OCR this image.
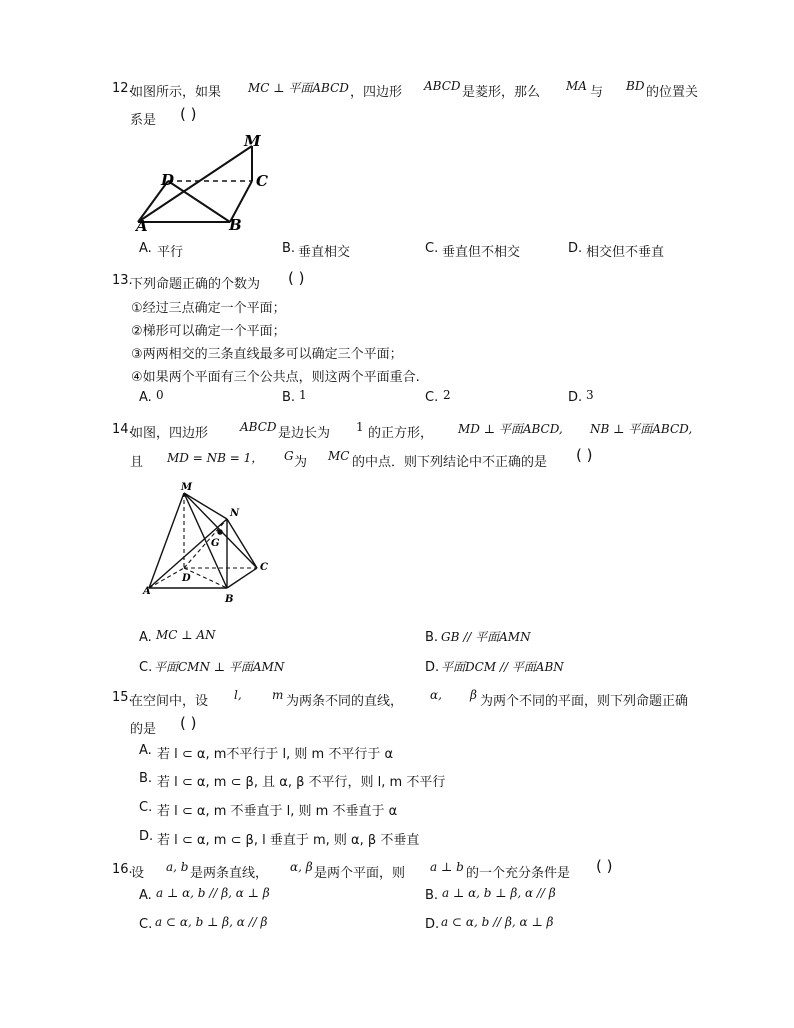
12.
如图所示，如果 MC ⊥ 平面ABCD ，四边形 ABCD 是菱形，那么 MA 与 BD 的位置关
系是 ( )
M
D	C
A	B
A. 平行	B. 垂直相交	C. 垂直但不相交	D. 相交但不垂直
13.
下列命题正确的个数为 ( )
①经过三点确定一个平面；
②梯形可以确定一个平面；
③两两相交的三条直线最多可以确定三个平面；
④如果两个平面有三个公共点，则这两个平面重合.
A. 0	B. 1	C. 2	D. 3
14.
如图，四边形	ABCD 是边长为 1 的正方形， MD ⊥ 平面ABCD, NB ⊥ 平面ABCD,
且 MD = NB = 1， G 为 MC 的中点．则下列结论中不正确的是 ( )
M
N
G
D
C
A
B
A. MC ⊥ AN	B. GB // 平面AMN
C. 平面CMN ⊥ 平面AMN	D. 平面DCM // 平面ABN
15.
在空间中，设 l,	m 为两条不同的直线， α, β 为两个不同的平面，则下列命题正确
的是 ( )
A. 若 l ⊂ α, m不平行于 l, 则 m 不平行于 α
B. 若 l ⊂ α, m ⊂ β, 且 α, β 不平行，则 l, m 不平行
C. 若 l ⊂ α, m 不垂直于 l, 则 m 不垂直于 α
D. 若 l ⊂ α, m ⊂ β, l 垂直于 m, 则 α, β 不垂直
16.
设 a, b 是两条直线， α, β 是两个平面，则 a ⊥ b 的一个充分条件是 ( )
A. a ⊥ α, b // β, α ⊥ β	B. a ⊥ α, b ⊥ β, α // β
C. a ⊂ α, b ⊥ β, α // β	D. a ⊂ α, b // β, α ⊥ β
